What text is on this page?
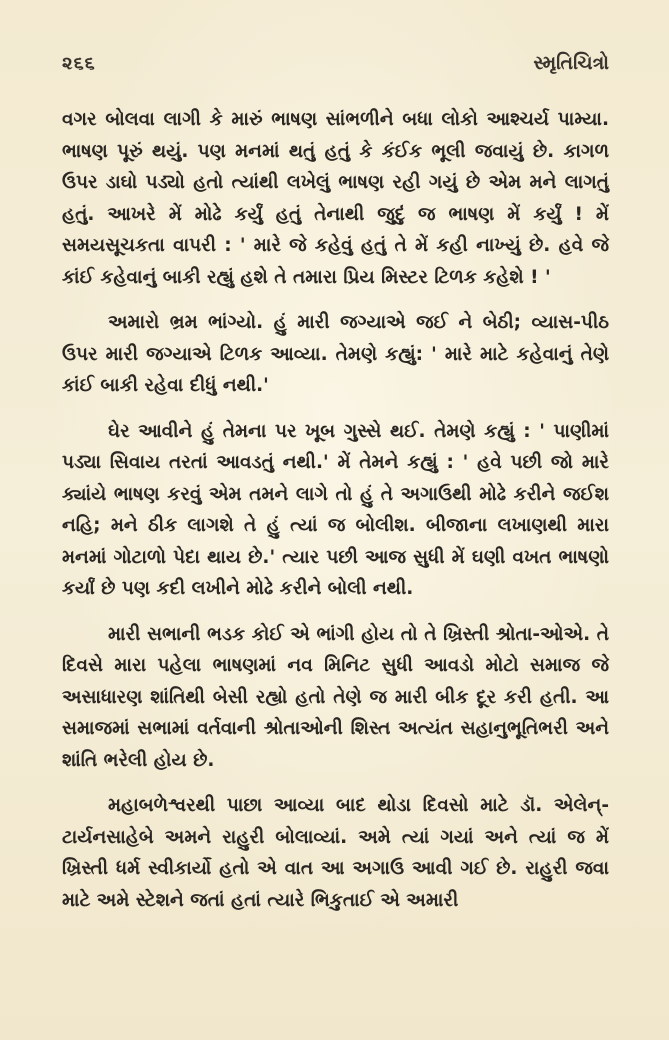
૨૬૬	સ્મૃતિચિત્રો

વગર બોલવા લાગી કે મારું ભાષણ સાંભળીને બધા લોકો આશ્ચર્ય પામ્યા. ભાષણ પૂરું થયું. પણ મનમાં થતું હતું કે કંઈક ભૂલી જવાયું છે. કાગળ ઉપર ડાઘો પડ્યો હતો ત્યાંથી લખેલું ભાષણ રહી ગયું છે એમ મને લાગતું હતું. આખરે મેં મોઢે કર્યું હતું તેનાથી જુદું જ ભાષણ મેં કર્યું ! મેં સમયસૂચકતા વાપરી : ' મારે જે કહેવું હતું તે મેં કહી નાખ્યું છે. હવે જે કાંઈ કહેવાનું બાકી રહ્યું હશે તે તમારા પ્રિય મિસ્ટર ટિળક કહેશે ! '

અમારો ભ્રમ ભાંગ્યો. હું મારી જગ્યાએ જઈ ને બેઠી; વ્યાસ-પીઠ ઉપર મારી જગ્યાએ ટિળક આવ્યા. તેમણે કહ્યું: ' મારે માટે કહેવાનું તેણે કાંઈ બાકી રહેવા દીધું નથી.'

ઘેર આવીને હું તેમના પર ખૂબ ગુસ્સે થઈ. તેમણે કહ્યું : ' પાણીમાં પડ્યા સિવાય તરતાં આવડતું નથી.' મેં તેમને કહ્યું : ' હવે પછી જો મારે ક્યાંયે ભાષણ કરવું એમ તમને લાગે તો હું તે અગાઉથી મોઢે કરીને જઈશ નહિ; મને ઠીક લાગશે તે હું ત્યાં જ બોલીશ. બીજાના લખાણથી મારા મનમાં ગોટાળો પેદા થાય છે.' ત્યાર પછી આજ સુધી મેં ઘણી વખત ભાષણો કર્યાં છે પણ કદી લખીને મોઢે કરીને બોલી નથી.

મારી સભાની ભડક કોઈ એ ભાંગી હોય તો તે ખ્રિસ્તી શ્રોતા-ઓએ. તે દિવસે મારા પહેલા ભાષણમાં નવ મિનિટ સુધી આવડો મોટો સમાજ જે અસાધારણ શાંતિથી બેસી રહ્યો હતો તેણે જ મારી બીક દૂર કરી હતી. આ સમાજમાં સભામાં વર્તવાની શ્રોતાઓની શિસ્ત અત્યંત સહાનુભૂતિભરી અને શાંતિ ભરેલી હોય છે.

મહાબળેશ્વરથી પાછા આવ્યા બાદ થોડા દિવસો માટે ડૉ. એલેન્-ટાર્યનસાહેબે અમને રાહુરી બોલાવ્યાં. અમે ત્યાં ગયાં અને ત્યાં જ મેં ખ્રિસ્તી ધર્મ સ્વીકાર્યો હતો એ વાત આ અગાઉ આવી ગઈ છે. રાહુરી જવા માટે અમે સ્ટેશને જતાં હતાં ત્યારે ભિકુતાઈ એ અમારી
